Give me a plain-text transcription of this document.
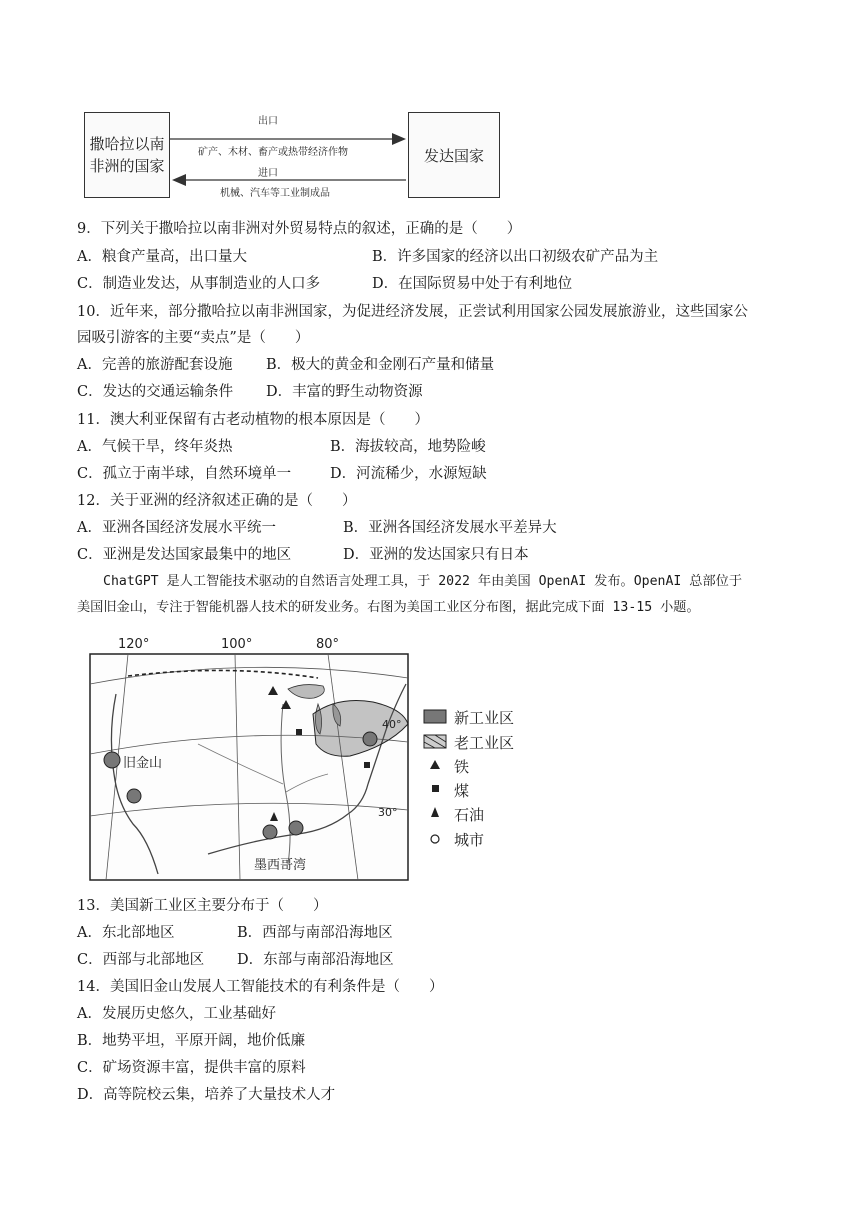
撒哈拉以南非洲的国家
发达国家
出口
矿产、木材、畜产或热带经济作物
进口
机械、汽车等工业制成品
9．下列关于撒哈拉以南非洲对外贸易特点的叙述，正确的是（　　）
A．粮食产量高，出口量大	B．许多国家的经济以出口初级农矿产品为主
C．制造业发达，从事制造业的人口多	D．在国际贸易中处于有利地位
10．近年来，部分撒哈拉以南非洲国家，为促进经济发展，正尝试利用国家公园发展旅游业，这些国家公
园吸引游客的主要“卖点”是（　　）
A．完善的旅游配套设施 B．极大的黄金和金刚石产量和储量
C．发达的交通运输条件 D．丰富的野生动物资源
11．澳大利亚保留有古老动植物的根本原因是（　　）
A．气候干旱，终年炎热	B．海拔较高，地势险峻
C．孤立于南半球，自然环境单一	D．河流稀少，水源短缺
12．关于亚洲的经济叙述正确的是（　　）
A．亚洲各国经济发展水平统一	B．亚洲各国经济发展水平差异大
C．亚洲是发达国家最集中的地区	D．亚洲的发达国家只有日本
ChatGPT 是人工智能技术驱动的自然语言处理工具，于 2022 年由美国 OpenAI 发布。OpenAI 总部位于
美国旧金山，专注于智能机器人技术的研发业务。右图为美国工业区分布图，据此完成下面 13-15 小题。
120°	100°	80°
40°
30°
旧金山
墨西哥湾
新工业区
老工业区
铁
煤
石油
城市
13．美国新工业区主要分布于（　　）
A．东北部地区	B．西部与南部沿海地区
C．西部与北部地区 D．东部与南部沿海地区
14．美国旧金山发展人工智能技术的有利条件是（　　）
A．发展历史悠久，工业基础好
B．地势平坦，平原开阔，地价低廉
C．矿场资源丰富，提供丰富的原料
D．高等院校云集，培养了大量技术人才
